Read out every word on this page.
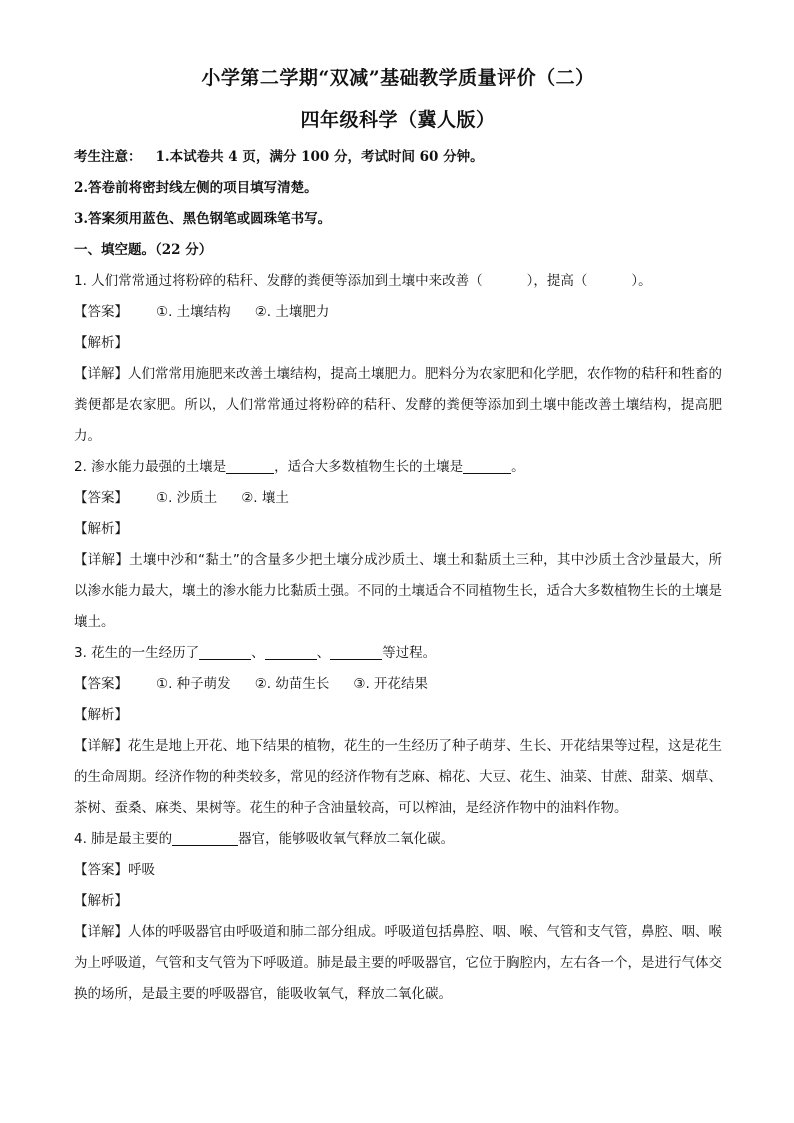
小学第二学期“双减”基础教学质量评价（二）
四年级科学（冀人版）
考生注意： 1.本试卷共 4 页，满分 100 分，考试时间 60 分钟。
2.答卷前将密封线左侧的项目填写清楚。
3.答案须用蓝色、黑色钢笔或圆珠笔书写。
一、填空题。（22 分）
1. 人们常常通过将粉碎的秸秆、发酵的粪便等添加到土壤中来改善（	），提高（	）。
【答案】 ①. 土壤结构 ②. 土壤肥力
【解析】
【详解】人们常常用施肥来改善土壤结构，提高土壤肥力。肥料分为农家肥和化学肥，农作物的秸秆和牲畜的粪便都是农家肥。所以，人们常常通过将粉碎的秸秆、发酵的粪便等添加到土壤中能改善土壤结构，提高肥力。
2. 渗水能力最强的土壤是	，适合大多数植物生长的土壤是	。
【答案】 ①. 沙质土 ②. 壤土
【解析】
【详解】土壤中沙和“黏土”的含量多少把土壤分成沙质土、壤土和黏质土三种，其中沙质土含沙量最大，所以渗水能力最大，壤土的渗水能力比黏质土强。不同的土壤适合不同植物生长，适合大多数植物生长的土壤是壤土。
3. 花生的一生经历了	、	、	等过程。
【答案】 ①. 种子萌发 ②. 幼苗生长 ③. 开花结果
【解析】
【详解】花生是地上开花、地下结果的植物，花生的一生经历了种子萌芽、生长、开花结果等过程，这是花生的生命周期。经济作物的种类较多，常见的经济作物有芝麻、棉花、大豆、花生、油菜、甘蔗、甜菜、烟草、茶树、蚕桑、麻类、果树等。花生的种子含油量较高，可以榨油，是经济作物中的油料作物。
4. 肺是最主要的	器官，能够吸收氧气释放二氧化碳。
【答案】呼吸
【解析】
【详解】人体的呼吸器官由呼吸道和肺二部分组成。呼吸道包括鼻腔、咽、喉、气管和支气管，鼻腔、咽、喉为上呼吸道，气管和支气管为下呼吸道。肺是最主要的呼吸器官，它位于胸腔内，左右各一个，是进行气体交换的场所，是最主要的呼吸器官，能吸收氧气，释放二氧化碳。
